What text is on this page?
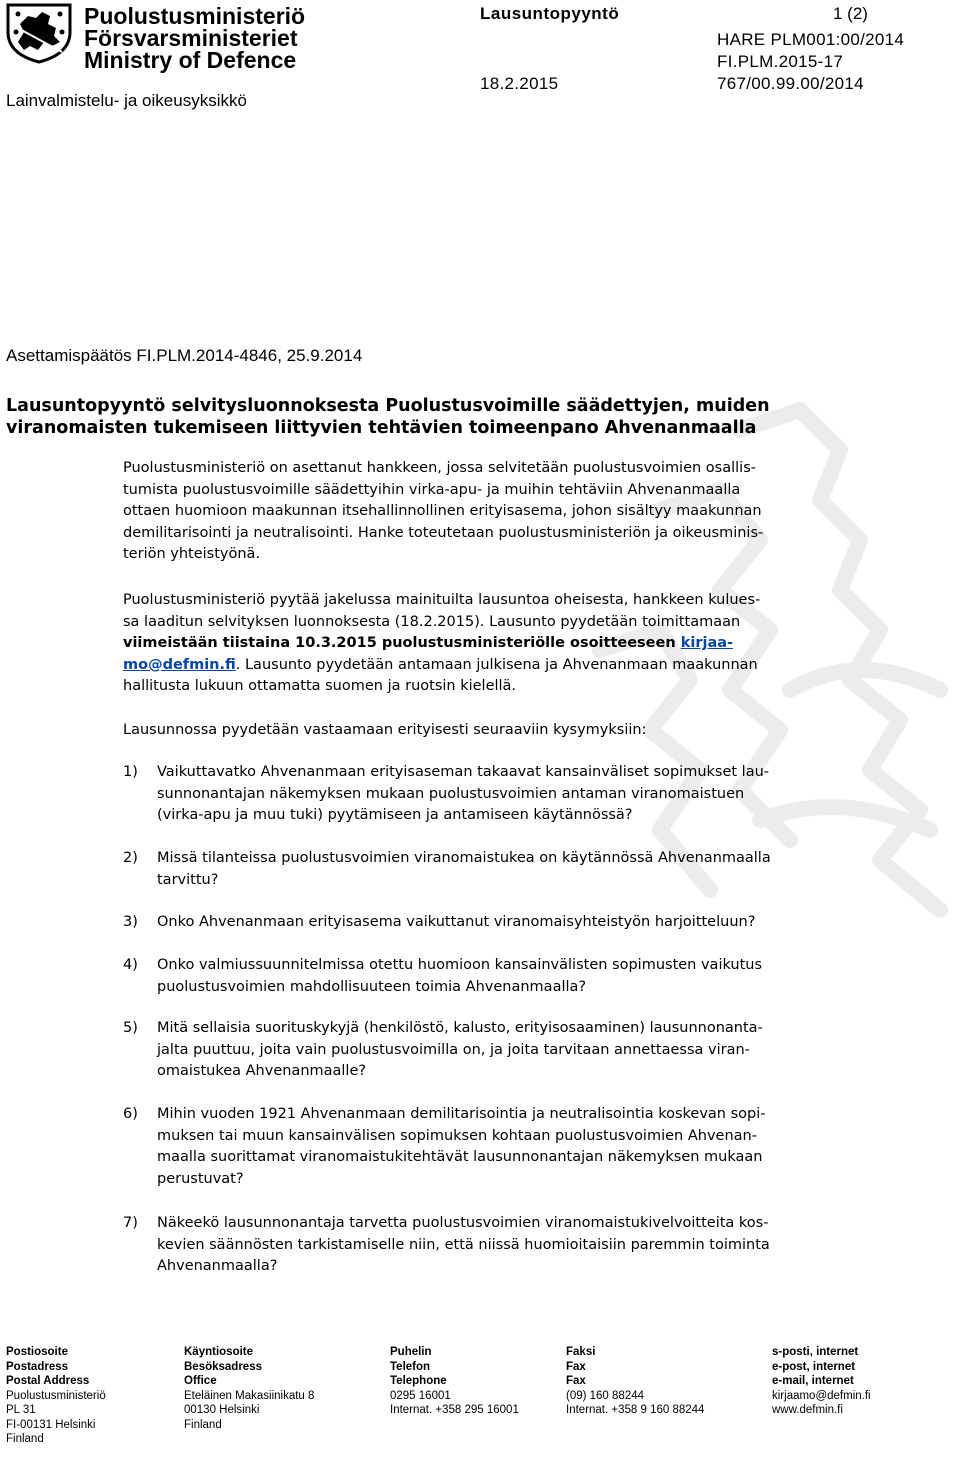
Puolustusministeriö
Försvarsministeriet
Ministry of Defence
Lainvalmistelu- ja oikeusyksikkö
Lausuntopyyntö	1 (2)
HARE PLM001:00/2014
FI.PLM.2015-17
18.2.2015	767/00.99.00/2014
Asettamispäätös FI.PLM.2014-4846, 25.9.2014
Lausuntopyyntö selvitysluonnoksesta Puolustusvoimille säädettyjen, muiden
viranomaisten tukemiseen liittyvien tehtävien toimeenpano Ahvenanmaalla
Puolustusministeriö on asettanut hankkeen, jossa selvitetään puolustusvoimien osallis-
tumista puolustusvoimille säädettyihin virka-apu- ja muihin tehtäviin Ahvenanmaalla
ottaen huomioon maakunnan itsehallinnollinen erityisasema, johon sisältyy maakunnan
demilitarisointi ja neutralisointi. Hanke toteutetaan puolustusministeriön ja oikeusminis-
teriön yhteistyönä.
Puolustusministeriö pyytää jakelussa mainituilta lausuntoa oheisesta, hankkeen kulues-
sa laaditun selvityksen luonnoksesta (18.2.2015). Lausunto pyydetään toimittamaan
viimeistään tiistaina 10.3.2015 puolustusministeriölle osoitteeseen kirjaa-
mo@defmin.fi. Lausunto pyydetään antamaan julkisena ja Ahvenanmaan maakunnan
hallitusta lukuun ottamatta suomen ja ruotsin kielellä.
Lausunnossa pyydetään vastaamaan erityisesti seuraaviin kysymyksiin:
1) Vaikuttavatko Ahvenanmaan erityisaseman takaavat kansainväliset sopimukset lau-
sunnonantajan näkemyksen mukaan puolustusvoimien antaman viranomaistuen
(virka-apu ja muu tuki) pyytämiseen ja antamiseen käytännössä?
2) Missä tilanteissa puolustusvoimien viranomaistukea on käytännössä Ahvenanmaalla
tarvittu?
3) Onko Ahvenanmaan erityisasema vaikuttanut viranomaisyhteistyön harjoitteluun?
4) Onko valmiussuunnitelmissa otettu huomioon kansainvälisten sopimusten vaikutus
puolustusvoimien mahdollisuuteen toimia Ahvenanmaalla?
5) Mitä sellaisia suorituskykyjä (henkilöstö, kalusto, erityisosaaminen) lausunnonanta-
jalta puuttuu, joita vain puolustusvoimilla on, ja joita tarvitaan annettaessa viran-
omaistukea Ahvenanmaalle?
6) Mihin vuoden 1921 Ahvenanmaan demilitarisointia ja neutralisointia koskevan sopi-
muksen tai muun kansainvälisen sopimuksen kohtaan puolustusvoimien Ahvenan-
maalla suorittamat viranomaistukitehtävät lausunnonantajan näkemyksen mukaan
perustuvat?
7) Näkeekö lausunnonantaja tarvetta puolustusvoimien viranomaistukivelvoitteita kos-
kevien säännösten tarkistamiselle niin, että niissä huomioitaisiin paremmin toiminta
Ahvenanmaalla?
Postiosoite
Postadress
Postal Address
Puolustusministeriö
PL 31
FI-00131 Helsinki
Finland
Käyntiosoite
Besöksadress
Office
Eteläinen Makasiinikatu 8
00130 Helsinki
Finland
Puhelin
Telefon
Telephone
0295 16001
Internat. +358 295 16001
Faksi
Fax
Fax
(09) 160 88244
Internat. +358 9 160 88244
s-posti, internet
e-post, internet
e-mail, internet
kirjaamo@defmin.fi
www.defmin.fi
